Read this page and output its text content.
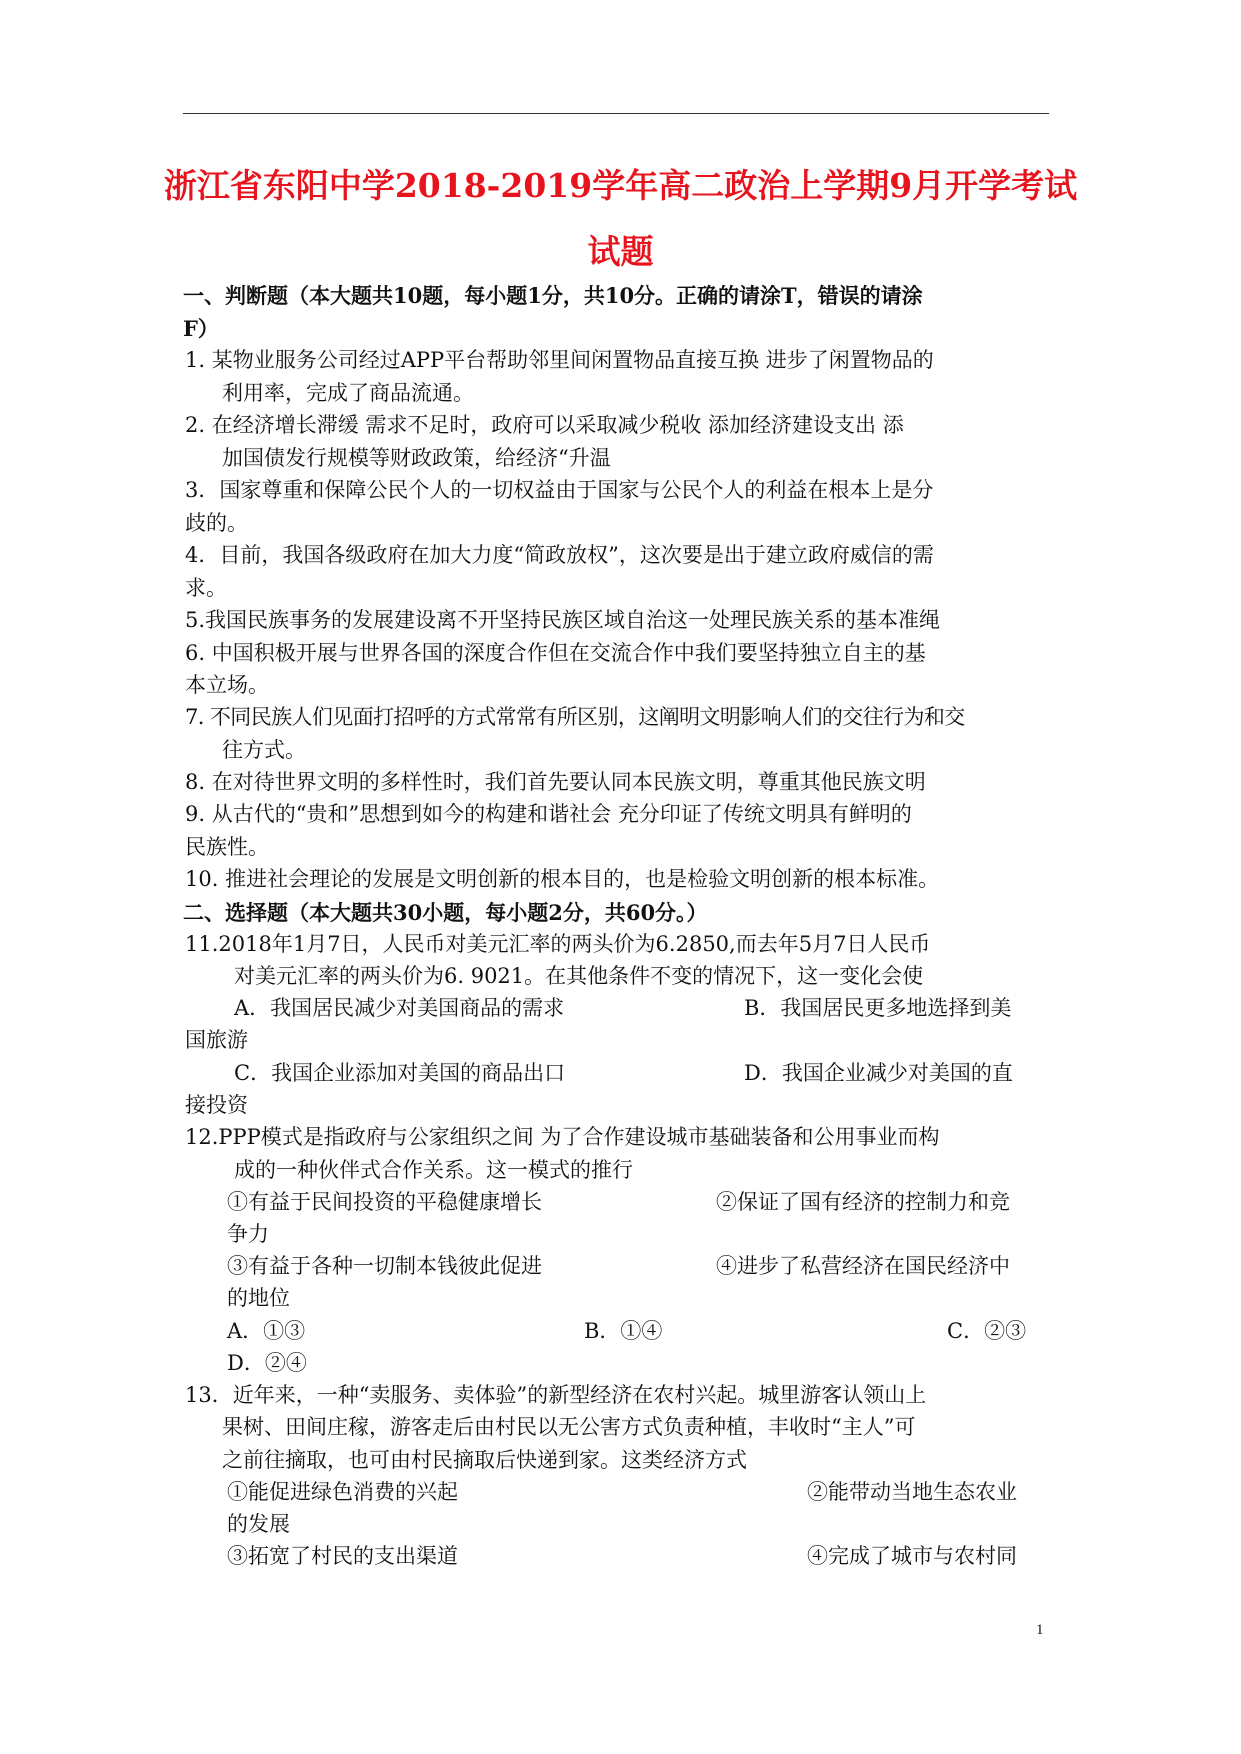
浙江省东阳中学2018-2019学年高二政治上学期9月开学考试
试题
一、判断题（本大题共10题，每小题1分，共10分。正确的请涂T，错误的请涂
F）
1. 某物业服务公司经过APP平台帮助邻里间闲置物品直接互换 进步了闲置物品的
利用率，完成了商品流通。
2. 在经济增长滞缓 需求不足时，政府可以采取减少税收 添加经济建设支出 添
加国债发行规模等财政政策，给经济“升温
3．国家尊重和保障公民个人的一切权益由于国家与公民个人的利益在根本上是分
歧的。
4．目前，我国各级政府在加大力度“简政放权”，这次要是出于建立政府威信的需
求。
5.我国民族事务的发展建设离不开坚持民族区域自治这一处理民族关系的基本准绳
6. 中国积极开展与世界各国的深度合作但在交流合作中我们要坚持独立自主的基
本立场。
7. 不同民族人们见面打招呼的方式常常有所区别，这阐明文明影响人们的交往行为和交
往方式。
8. 在对待世界文明的多样性时，我们首先要认同本民族文明，尊重其他民族文明
9. 从古代的“贵和”思想到如今的构建和谐社会 充分印证了传统文明具有鲜明的
民族性。
10. 推进社会理论的发展是文明创新的根本目的，也是检验文明创新的根本标准。
二、选择题（本大题共30小题，每小题2分，共60分。）
11.2018年1月7日，人民币对美元汇率的两头价为6.2850,而去年5月7日人民币
对美元汇率的两头价为6. 9021。在其他条件不变的情况下，这一变化会使
A．我国居民减少对美国商品的需求	B．我国居民更多地选择到美
国旅游
C．我国企业添加对美国的商品出口	D．我国企业减少对美国的直
接投资
12.PPP模式是指政府与公家组织之间 为了合作建设城市基础装备和公用事业而构
成的一种伙伴式合作关系。这一模式的推行
①有益于民间投资的平稳健康增长	②保证了国有经济的控制力和竞
争力
③有益于各种一切制本钱彼此促进	④进步了私营经济在国民经济中
的地位
A．①③	B．①④	C．②③
D．②④
13．近年来，一种“卖服务、卖体验”的新型经济在农村兴起。城里游客认领山上
果树、田间庄稼，游客走后由村民以无公害方式负责种植，丰收时“主人”可
之前往摘取，也可由村民摘取后快递到家。这类经济方式
①能促进绿色消费的兴起	②能带动当地生态农业
的发展
③拓宽了村民的支出渠道	④完成了城市与农村同
1
